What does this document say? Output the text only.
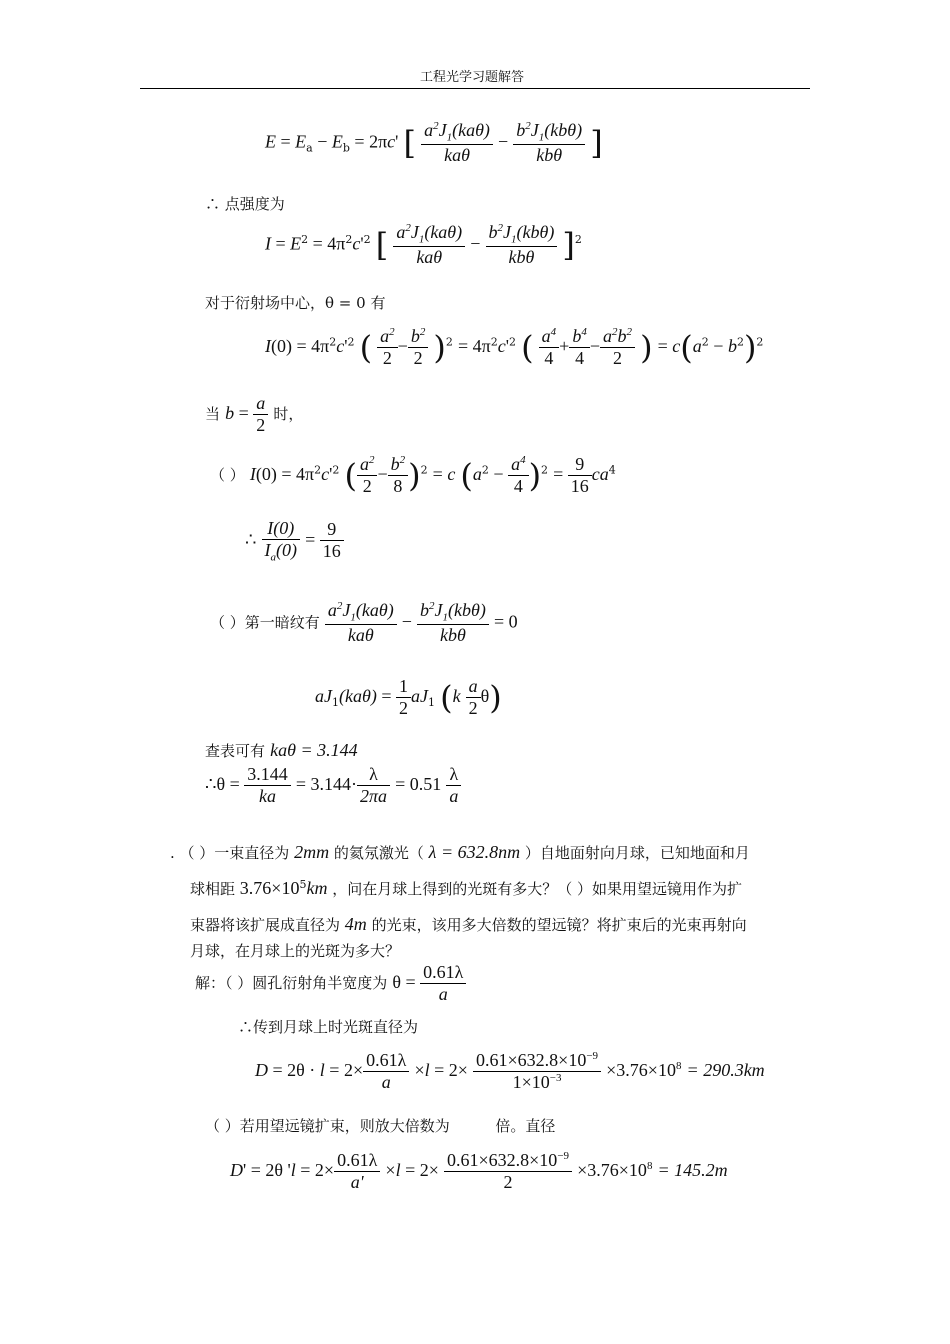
工程光学习题解答
$E = E_a - E_b = 2\pi c'$ [ $\frac{a^2J_1(ka\theta)}{\text{kaθ}} - \frac{b^2J_1(kb\theta)}{\text{kbθ}}$ ]
∴ 点强度为
$I = E^2 = 4\pi^2c'^2$ [ $\frac{a^2J_1(ka\theta)}{\text{kaθ}} - \frac{b^2J_1(kb\theta)}{\text{kbθ}} ]^2$
对于衍射场中心，θ = 0 有
$I(0) = 4\pi^2c'^2$ ( $\frac{a^2}{2} - \frac{b^2}{2} )^2 = 4\pi^2c'^2$ ( $\frac{a^4}{4} + \frac{b^4}{4} - \frac{a^2b^2}{2}$ ) = $c(a^2 - b^2)^2$
当 $b = \frac{a}{2}$ 时，
（ ） $I(0) = 4\pi^2c'^2$ ( $\frac{a^2}{2} - \frac{b^2}{8} )^2 = c$ $(a^2 - \frac{a^4}{4} )^2 = \frac{9}{16} ca^4$
∴ $\frac{I(0)}{I_a(0)} = \frac{9}{16}$
（ ）第一暗纹有 $\frac{a^2J_1(ka\theta)}{\text{kaθ}} - \frac{b^2J_1(kb\theta)}{\text{kbθ}} = 0$
$aJ_1(ka\theta) = \frac{1}{2} aJ_1$ $(k \frac{a}{2} \theta)$
查表可有 kaθ = 3.144
∴θ = $\frac{3.144}{ka} = 3.144\cdot \frac{\lambda}{2\pi a} = 0.51 \frac{\lambda}{a}$
. （ ）一束直径为 2mm 的氦氖激光（ λ = 632.8nm ）自地面射向月球，已知地面和月
球相距 $3.76\times 10^5km$ ，问在月球上得到的光斑有多大？（ ）如果用望远镜用作为扩
束器将该扩展成直径为 4m 的光束，该用多大倍数的望远镜？将扩束后的光束再射向
月球，在月球上的光斑为多大？
解：（ ）圆孔衍射角半宽度为 $\theta = \frac{0.61\lambda}{a}$
∴传到月球上时光斑直径为
$D = 2\theta \cdot l = 2\times \frac{0.61\lambda}{a} \times l = 2\times \frac{0.61\times 632.8\times 10^{-9}}{1\times 10^{-3}} \times 3.76\times 10^8 = 290.3km$
（ ）若用望远镜扩束，则放大倍数为	倍。直径
D' = 2θ '$l = 2\times \frac{0.61\lambda}{a'} \times l = 2\times \frac{0.61\times 632.8\times 10^{-9}}{2} \times 3.76\times 10^8 = 145.2m$
